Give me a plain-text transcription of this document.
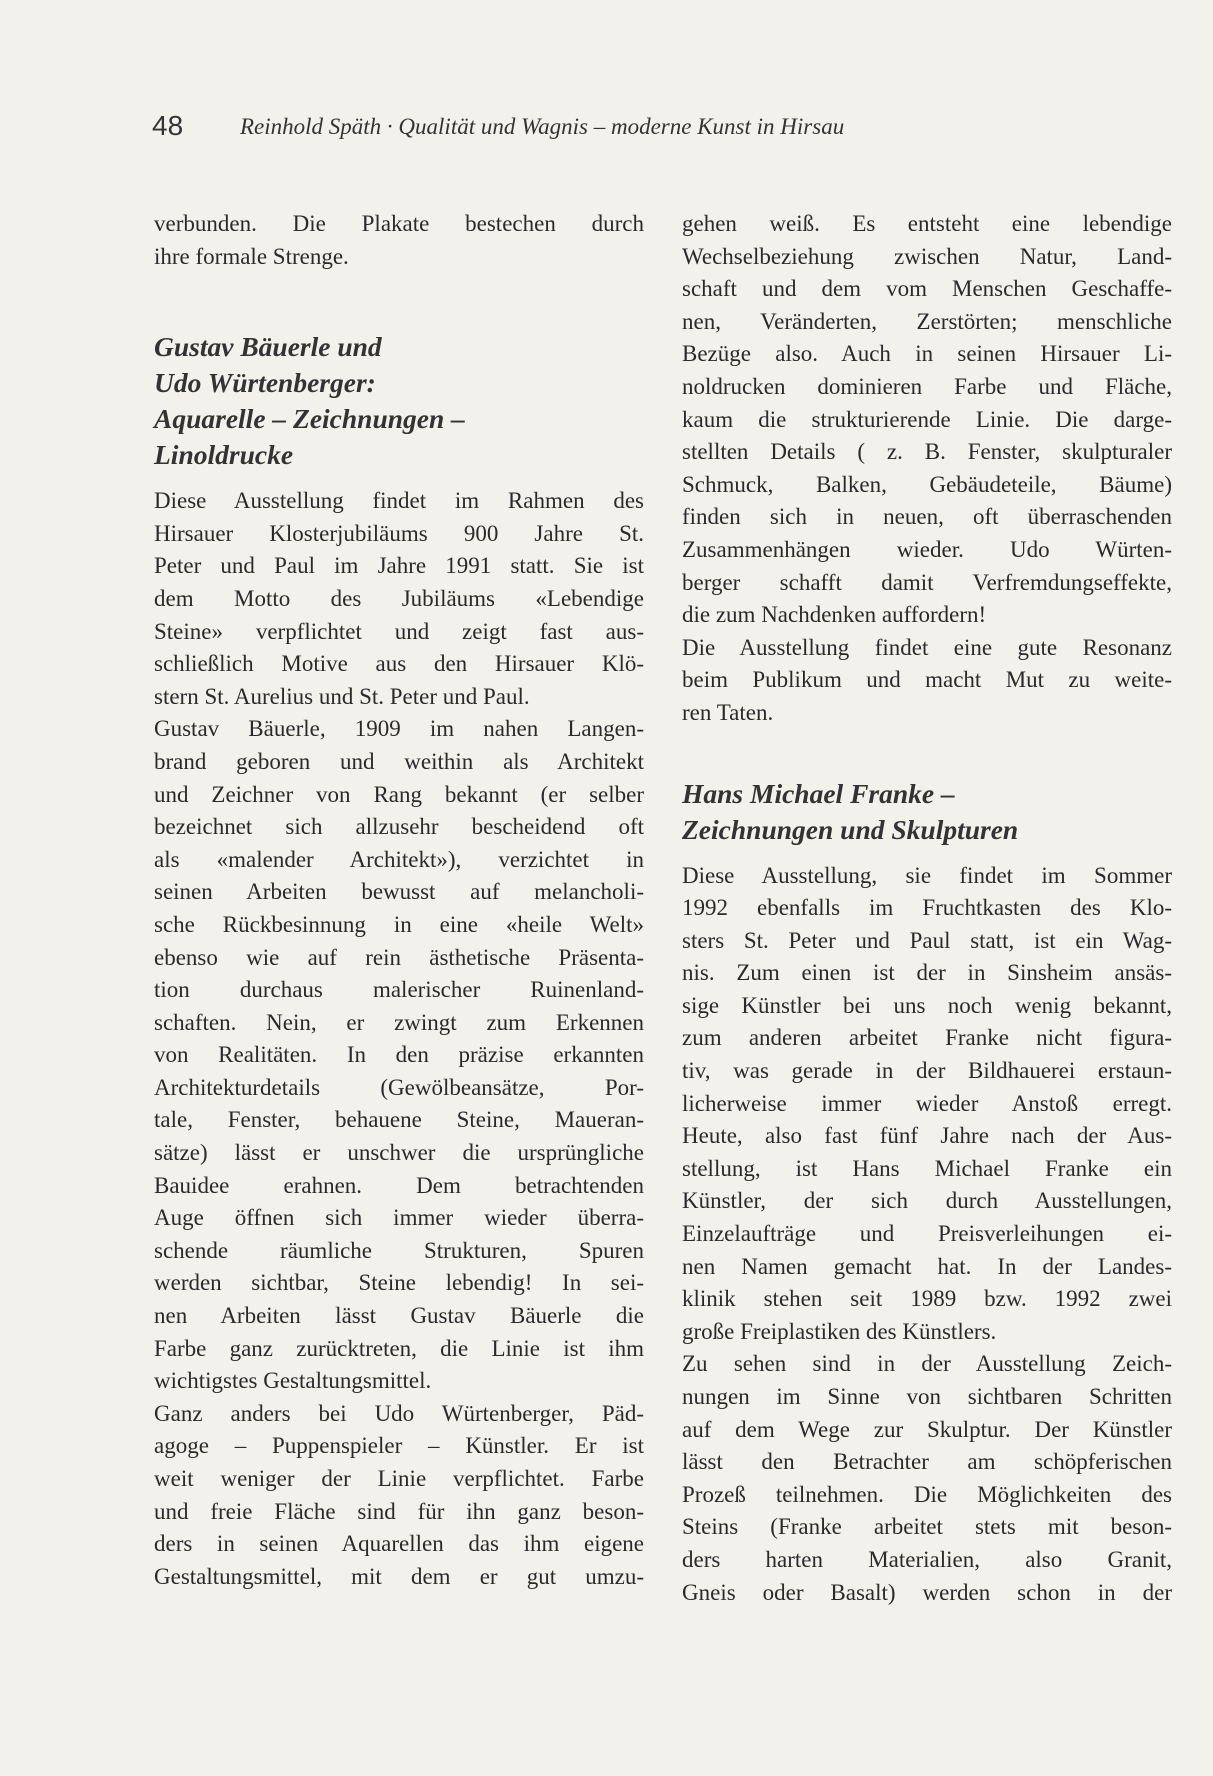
48 Reinhold Späth · Qualität und Wagnis – moderne Kunst in Hirsau

verbunden. Die Plakate bestechen durch
ihre formale Strenge.

Gustav Bäuerle und
Udo Würtenberger:
Aquarelle – Zeichnungen –
Linoldrucke

Diese Ausstellung findet im Rahmen des
Hirsauer Klosterjubiläums 900 Jahre St.
Peter und Paul im Jahre 1991 statt. Sie ist
dem Motto des Jubiläums «Lebendige
Steine» verpflichtet und zeigt fast aus-
schließlich Motive aus den Hirsauer Klö-
stern St. Aurelius und St. Peter und Paul.

Gustav Bäuerle, 1909 im nahen Langen-
brand geboren und weithin als Architekt
und Zeichner von Rang bekannt (er selber
bezeichnet sich allzusehr bescheidend oft
als «malender Architekt»), verzichtet in
seinen Arbeiten bewusst auf melancholi-
sche Rückbesinnung in eine «heile Welt»
ebenso wie auf rein ästhetische Präsenta-
tion durchaus malerischer Ruinenland-
schaften. Nein, er zwingt zum Erkennen
von Realitäten. In den präzise erkannten
Architekturdetails (Gewölbeansätze, Por-
tale, Fenster, behauene Steine, Maueran-
sätze) lässt er unschwer die ursprüngliche
Bauidee erahnen. Dem betrachtenden
Auge öffnen sich immer wieder überra-
schende räumliche Strukturen, Spuren
werden sichtbar, Steine lebendig! In sei-
nen Arbeiten lässt Gustav Bäuerle die
Farbe ganz zurücktreten, die Linie ist ihm
wichtigstes Gestaltungsmittel.

Ganz anders bei Udo Würtenberger, Päd-
agoge – Puppenspieler – Künstler. Er ist
weit weniger der Linie verpflichtet. Farbe
und freie Fläche sind für ihn ganz beson-
ders in seinen Aquarellen das ihm eigene
Gestaltungsmittel, mit dem er gut umzu-

gehen weiß. Es entsteht eine lebendige
Wechselbeziehung zwischen Natur, Land-
schaft und dem vom Menschen Geschaffe-
nen, Veränderten, Zerstörten; menschliche
Bezüge also. Auch in seinen Hirsauer Li-
noldrucken dominieren Farbe und Fläche,
kaum die strukturierende Linie. Die darge-
stellten Details ( z. B. Fenster, skulpturaler
Schmuck, Balken, Gebäudeteile, Bäume)
finden sich in neuen, oft überraschenden
Zusammenhängen wieder. Udo Würten-
berger schafft damit Verfremdungseffekte,
die zum Nachdenken auffordern!

Die Ausstellung findet eine gute Resonanz
beim Publikum und macht Mut zu weite-
ren Taten.

Hans Michael Franke –
Zeichnungen und Skulpturen

Diese Ausstellung, sie findet im Sommer
1992 ebenfalls im Fruchtkasten des Klo-
sters St. Peter und Paul statt, ist ein Wag-
nis. Zum einen ist der in Sinsheim ansäs-
sige Künstler bei uns noch wenig bekannt,
zum anderen arbeitet Franke nicht figura-
tiv, was gerade in der Bildhauerei erstaun-
licherweise immer wieder Anstoß erregt.
Heute, also fast fünf Jahre nach der Aus-
stellung, ist Hans Michael Franke ein
Künstler, der sich durch Ausstellungen,
Einzelaufträge und Preisverleihungen ei-
nen Namen gemacht hat. In der Landes-
klinik stehen seit 1989 bzw. 1992 zwei
große Freiplastiken des Künstlers.

Zu sehen sind in der Ausstellung Zeich-
nungen im Sinne von sichtbaren Schritten
auf dem Wege zur Skulptur. Der Künstler
lässt den Betrachter am schöpferischen
Prozeß teilnehmen. Die Möglichkeiten des
Steins (Franke arbeitet stets mit beson-
ders harten Materialien, also Granit,
Gneis oder Basalt) werden schon in der
